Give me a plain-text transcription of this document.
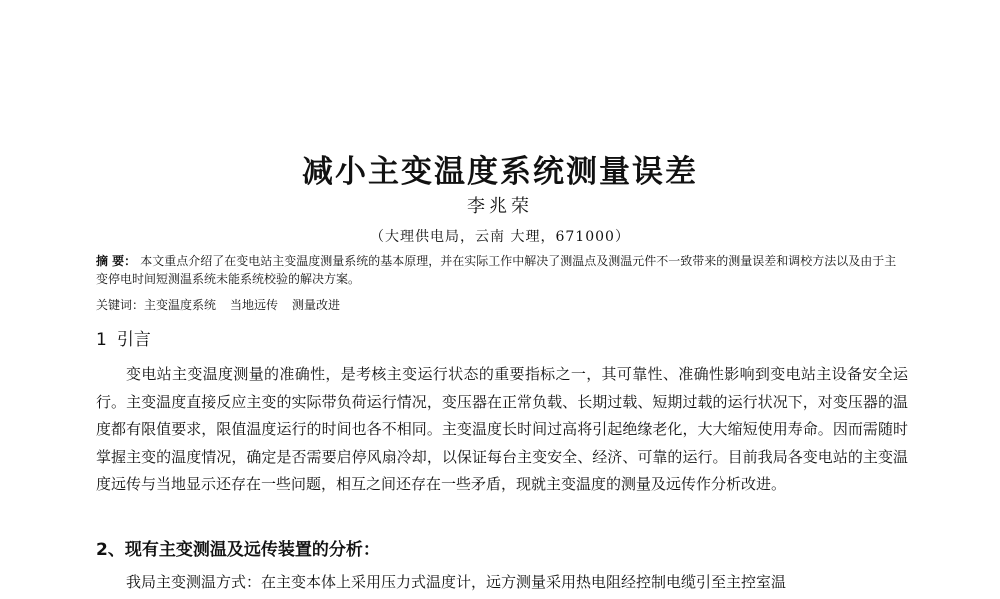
减小主变温度系统测量误差
李兆荣
（大理供电局，云南 大理，671000）
摘 要： 本文重点介绍了在变电站主变温度测量系统的基本原理，并在实际工作中解决了测温点及测温元件不一致带来的测量误差和调校方法以及由于主变停电时间短测温系统未能系统校验的解决方案。
关键词：主变温度系统 当地远传 测量改进
1 引言
变电站主变温度测量的准确性，是考核主变运行状态的重要指标之一，其可靠性、准确性影响到变电站主设备安全运行。主变温度直接反应主变的实际带负荷运行情况，变压器在正常负载、长期过载、短期过载的运行状况下，对变压器的温度都有限值要求，限值温度运行的时间也各不相同。主变温度长时间过高将引起绝缘老化，大大缩短使用寿命。因而需随时掌握主变的温度情况，确定是否需要启停风扇冷却，以保证每台主变安全、经济、可靠的运行。目前我局各变电站的主变温度远传与当地显示还存在一些问题，相互之间还存在一些矛盾，现就主变温度的测量及远传作分析改进。
2、现有主变测温及远传装置的分析：
我局主变测温方式：在主变本体上采用压力式温度计，远方测量采用热电阻经控制电缆引至主控室温
